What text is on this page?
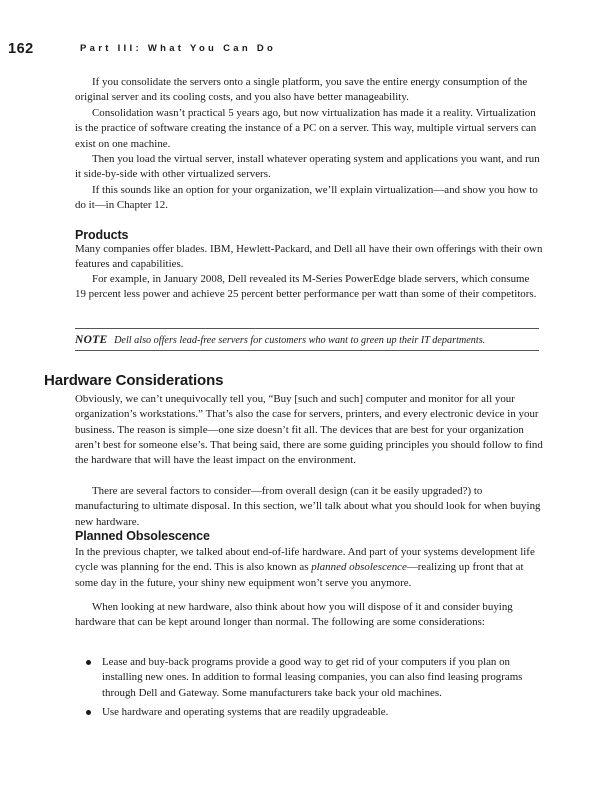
162	Part III: What You Can Do

If you consolidate the servers onto a single platform, you save the entire energy consumption of the original server and its cooling costs, and you also have better manageability.

Consolidation wasn’t practical 5 years ago, but now virtualization has made it a reality. Virtualization is the practice of software creating the instance of a PC on a server. This way, multiple virtual servers can exist on one machine.

Then you load the virtual server, install whatever operating system and applications you want, and run it side-by-side with other virtualized servers.

If this sounds like an option for your organization, we’ll explain virtualization—and show you how to do it—in Chapter 12.

Products

Many companies offer blades. IBM, Hewlett-Packard, and Dell all have their own offerings with their own features and capabilities.

For example, in January 2008, Dell revealed its M-Series PowerEdge blade servers, which consume 19 percent less power and achieve 25 percent better performance per watt than some of their competitors.

NOTE Dell also offers lead-free servers for customers who want to green up their IT departments.
Hardware Considerations

Obviously, we can’t unequivocally tell you, “Buy [such and such] computer and monitor for all your organization’s workstations.” That’s also the case for servers, printers, and every electronic device in your business. The reason is simple—one size doesn’t fit all. The devices that are best for your organization aren’t best for someone else’s. That being said, there are some guiding principles you should follow to find the hardware that will have the least impact on the environment.

There are several factors to consider—from overall design (can it be easily upgraded?) to manufacturing to ultimate disposal. In this section, we’ll talk about what you should look for when buying new hardware.

Planned Obsolescence

In the previous chapter, we talked about end-of-life hardware. And part of your systems development life cycle was planning for the end. This is also known as planned obsolescence—realizing up front that at some day in the future, your shiny new equipment won’t serve you anymore.

When looking at new hardware, also think about how you will dispose of it and consider buying hardware that can be kept around longer than normal. The following are some considerations:

Lease and buy-back programs provide a good way to get rid of your computers if you plan on installing new ones. In addition to formal leasing companies, you can also find leasing programs through Dell and Gateway. Some manufacturers take back your old machines.
Use hardware and operating systems that are readily upgradeable.
